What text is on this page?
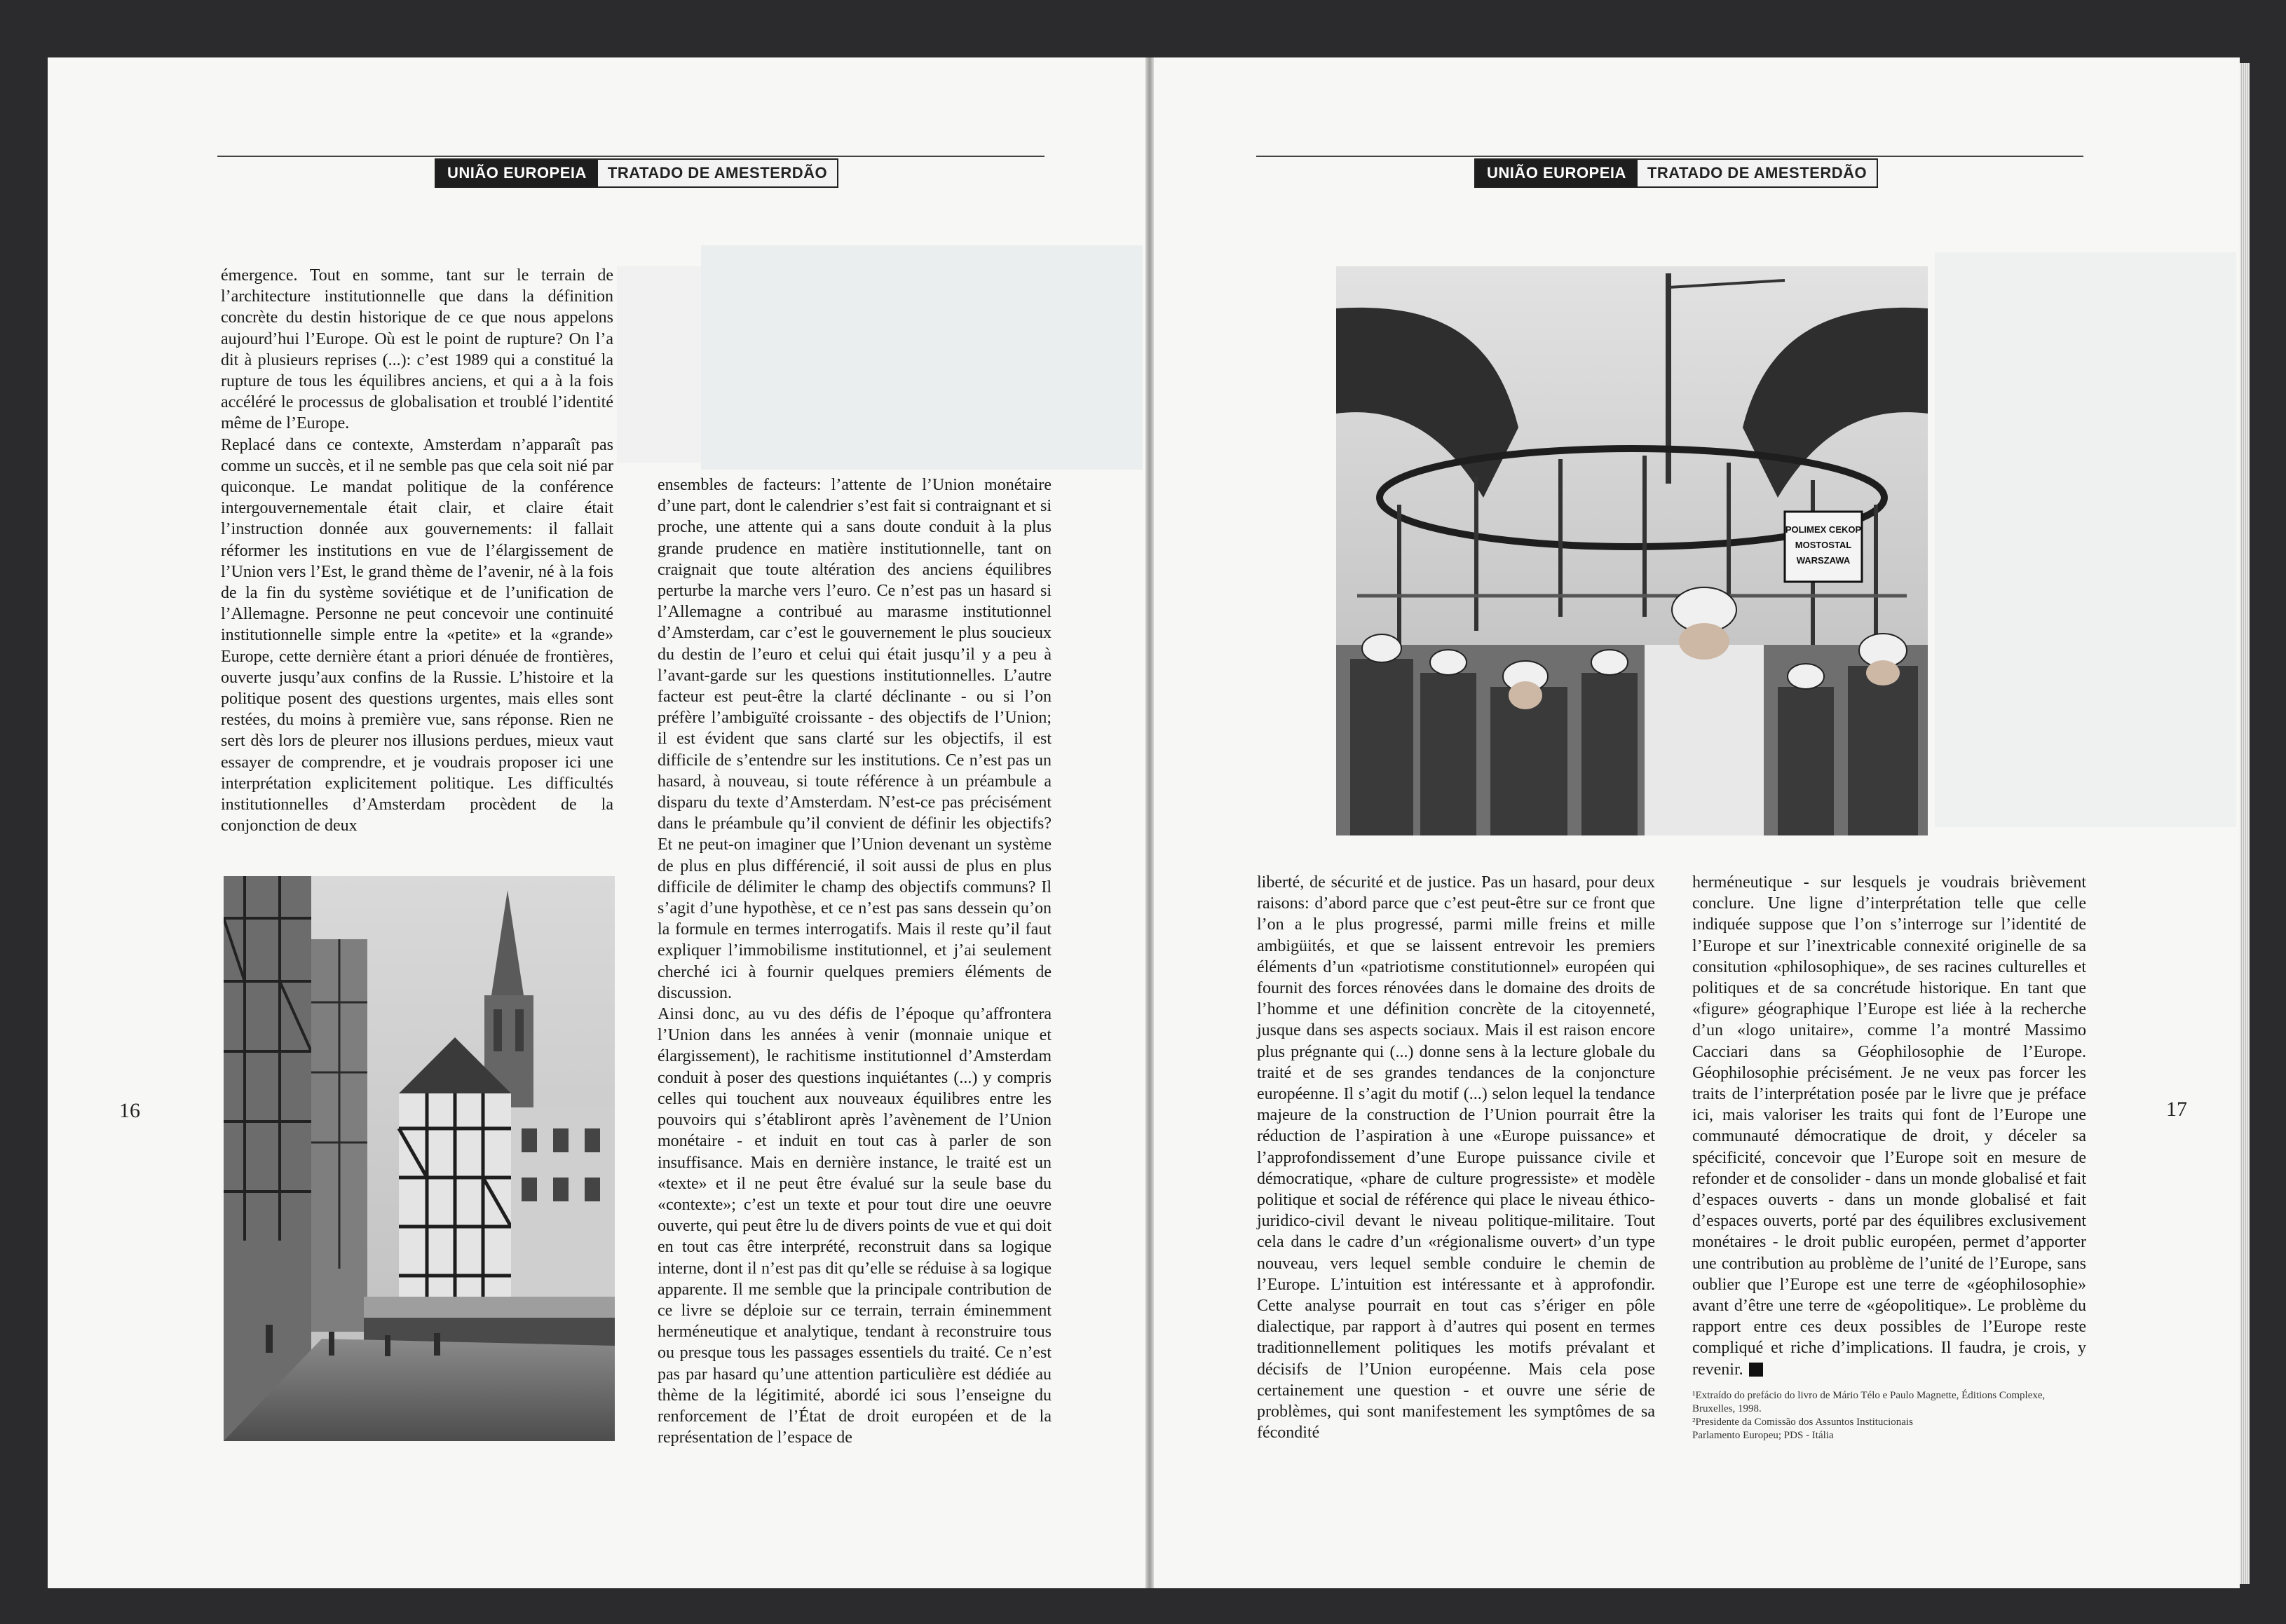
UNIÃO EUROPEIA	TRATADO DE AMESTERDÃO	UNIÃO EUROPEIA	TRATADO DE AMESTERDÃO

émergence. Tout en somme, tant sur le terrain de l’architecture institutionnelle que dans la définition concrète du destin historique de ce que nous appelons aujourd’hui l’Europe. Où est le point de rupture? On l’a dit à plusieurs reprises (...): c’est 1989 qui a constitué la rupture de tous les équilibres anciens, et qui a à la fois accéléré le processus de globalisation et troublé l’identité même de l’Europe.

Replacé dans ce contexte, Amsterdam n’apparaît pas comme un succès, et il ne semble pas que cela soit nié par quiconque. Le mandat politique de la conférence intergouvernementale était clair, et claire était l’instruction donnée aux gouvernements: il fallait réformer les institutions en vue de l’élargissement de l’Union vers l’Est, le grand thème de l’avenir, né à la fois de la fin du système soviétique et de l’unification de l’Allemagne. Personne ne peut concevoir une continuité institutionnelle simple entre la «petite» et la «grande» Europe, cette dernière étant a priori dénuée de frontières, ouverte jusqu’aux confins de la Russie. L’histoire et la politique posent des questions urgentes, mais elles sont restées, du moins à première vue, sans réponse. Rien ne sert dès lors de pleurer nos illusions perdues, mieux vaut essayer de comprendre, et je voudrais proposer ici une interprétation explicitement politique. Les difficultés institutionnelles d’Amsterdam procèdent de la conjonction de deux

ensembles de facteurs: l’attente de l’Union monétaire d’une part, dont le calendrier s’est fait si contraignant et si proche, une attente qui a sans doute conduit à la plus grande prudence en matière institutionnelle, tant on craignait que toute altération des anciens équilibres perturbe la marche vers l’euro. Ce n’est pas un hasard si l’Allemagne a contribué au marasme institutionnel d’Amsterdam, car c’est le gouvernement le plus soucieux du destin de l’euro et celui qui était jusqu’il y a peu à l’avant-garde sur les questions institutionnelles. L’autre facteur est peut-être la clarté déclinante - ou si l’on préfère l’ambiguïté croissante - des objectifs de l’Union; il est évident que sans clarté sur les objectifs, il est difficile de s’entendre sur les institutions. Ce n’est pas un hasard, à nouveau, si toute référence à un préambule a disparu du texte d’Amsterdam. N’est-ce pas précisément dans le préambule qu’il convient de définir les objectifs? Et ne peut-on imaginer que l’Union devenant un système de plus en plus différencié, il soit aussi de plus en plus difficile de délimiter le champ des objectifs communs? Il s’agit d’une hypothèse, et ce n’est pas sans dessein qu’on la formule en termes interrogatifs. Mais il reste qu’il faut expliquer l’immobilisme institutionnel, et j’ai seulement cherché ici à fournir quelques premiers éléments de discussion.

Ainsi donc, au vu des défis de l’époque qu’affrontera l’Union dans les années à venir (monnaie unique et élargissement), le rachitisme institutionnel d’Amsterdam conduit à poser des questions inquiétantes (...) y compris celles qui touchent aux nouveaux équilibres entre les pouvoirs qui s’établiront après l’avènement de l’Union monétaire - et induit en tout cas à parler de son insuffisance. Mais en dernière instance, le traité est un «texte» et il ne peut être évalué sur la seule base du «contexte»; c’est un texte et pour tout dire une oeuvre ouverte, qui peut être lu de divers points de vue et qui doit en tout cas être interprété, reconstruit dans sa logique interne, dont il n’est pas dit qu’elle se réduise à sa logique apparente. Il me semble que la principale contribution de ce livre se déploie sur ce terrain, terrain éminemment herméneutique et analytique, tendant à reconstruire tous ou presque tous les passages essentiels du traité. Ce n’est pas par hasard qu’une attention particulière est dédiée au thème de la légitimité, abordé ici sous l’enseigne du renforcement de l’État de droit européen et de la représentation de l’espace de

16
POLIMEX CEKOP
MOSTOSTAL
WARSZAWA

liberté, de sécurité et de justice. Pas un hasard, pour deux raisons: d’abord parce que c’est peut-être sur ce front que l’on a le plus progressé, parmi mille freins et mille ambigüités, et que se laissent entrevoir les premiers éléments d’un «patriotisme constitutionnel» européen qui fournit des forces rénovées dans le domaine des droits de l’homme et une définition concrète de la citoyenneté, jusque dans ses aspects sociaux. Mais il est raison encore plus prégnante qui (...) donne sens à la lecture globale du traité et de ses grandes tendances de la conjoncture européenne. Il s’agit du motif (...) selon lequel la tendance majeure de la construction de l’Union pourrait être la réduction de l’aspiration à une «Europe puissance» et l’approfondissement d’une Europe puissance civile et démocratique, «phare de culture progressiste» et modèle politique et social de référence qui place le niveau éthico-juridico-civil devant le niveau politique-militaire. Tout cela dans le cadre d’un «régionalisme ouvert» d’un type nouveau, vers lequel semble conduire le chemin de l’Europe. L’intuition est intéressante et à approfondir. Cette analyse pourrait en tout cas s’ériger en pôle dialectique, par rapport à d’autres qui posent en termes traditionnellement politiques les motifs prévalant et décisifs de l’Union européenne. Mais cela pose certainement une question - et ouvre une série de problèmes, qui sont manifestement les symptômes de sa fécondité

herméneutique - sur lesquels je voudrais brièvement conclure. Une ligne d’interprétation telle que celle indiquée suppose que l’on s’interroge sur l’identité de l’Europe et sur l’inextricable connexité originelle de sa consitution «philosophique», de ses racines culturelles et politiques et de sa concrétude historique. En tant que «figure» géographique l’Europe est liée à la recherche d’un «logo unitaire», comme l’a montré Massimo Cacciari dans sa Géophilosophie de l’Europe. Géophilosophie précisément. Je ne veux pas forcer les traits de l’interprétation posée par le livre que je préface ici, mais valoriser les traits qui font de l’Europe une communauté démocratique de droit, y déceler sa spécificité, concevoir que l’Europe soit en mesure de refonder et de consolider - dans un monde globalisé et fait d’espaces ouverts - dans un monde globalisé et fait d’espaces ouverts, porté par des équilibres exclusivement monétaires - le droit public européen, permet d’apporter une contribution au problème de l’unité de l’Europe, sans oublier que l’Europe est une terre de «géophilosophie» avant d’être une terre de «géopolitique». Le problème du rapport entre ces deux possibles de l’Europe reste compliqué et riche d’implications. Il faudra, je crois, y revenir.

¹Extraído do prefácio do livro de Mário Télo e Paulo Magnette, Éditions Complexe, Bruxelles, 1998.
²Presidente da Comissão dos Assuntos Institucionais
Parlamento Europeu; PDS - Itália
17
